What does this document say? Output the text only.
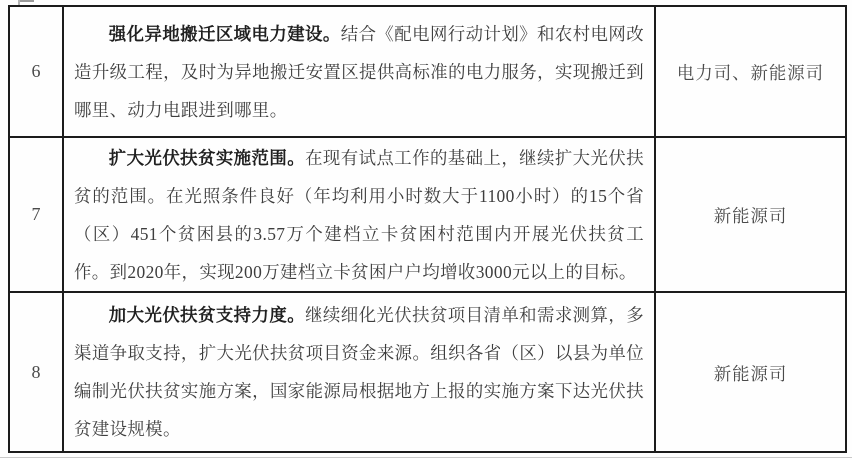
6

强化异地搬迁区域电力建设。结合《配电网行动计划》和农村电网改造升级工程，及时为异地搬迁安置区提供高标准的电力服务，实现搬迁到哪里、动力电跟进到哪里。

电力司、新能源司
7

扩大光伏扶贫实施范围。在现有试点工作的基础上，继续扩大光伏扶贫的范围。在光照条件良好（年均利用小时数大于1100小时）的15个省（区）451个贫困县的3.57万个建档立卡贫困村范围内开展光伏扶贫工作。到2020年，实现200万建档立卡贫困户户均增收3000元以上的目标。

新能源司
8

加大光伏扶贫支持力度。继续细化光伏扶贫项目清单和需求测算，多渠道争取支持，扩大光伏扶贫项目资金来源。组织各省（区）以县为单位编制光伏扶贫实施方案，国家能源局根据地方上报的实施方案下达光伏扶贫建设规模。

新能源司
